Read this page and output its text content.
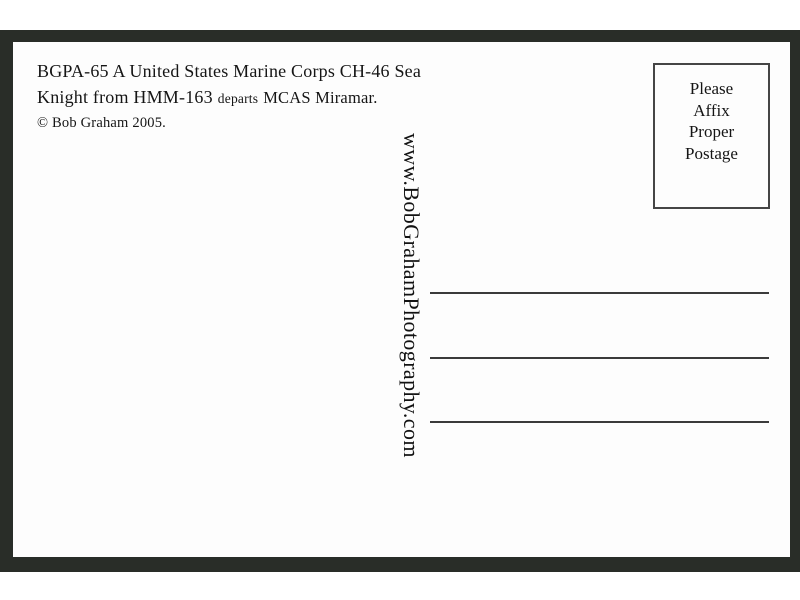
BGPA-65 A United States Marine Corps CH-46 Sea
Knight from HMM-163 departs MCAS Miramar.
© Bob Graham 2005.
Please
Affix
Proper
Postage
www.BobGrahamPhotography.com
